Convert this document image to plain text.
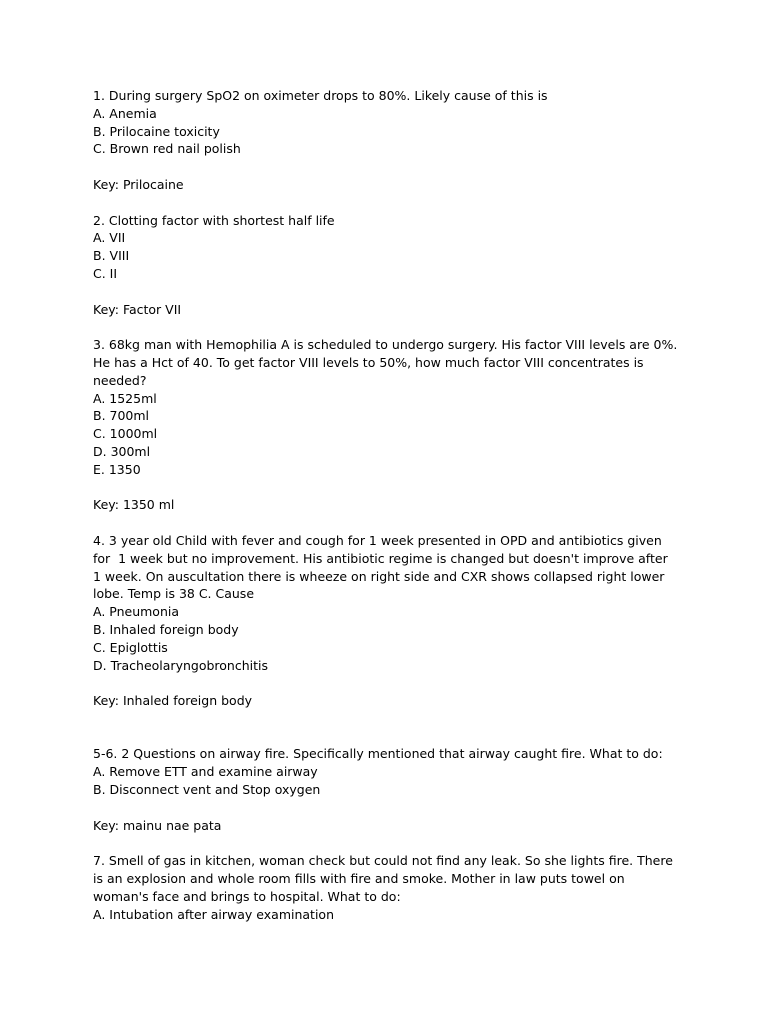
1. During surgery SpO2 on oximeter drops to 80%. Likely cause of this is
A. Anemia
B. Prilocaine toxicity
C. Brown red nail polish
Key: Prilocaine
2. Clotting factor with shortest half life
A. VII
B. VIII
C. II
Key: Factor VII
3. 68kg man with Hemophilia A is scheduled to undergo surgery. His factor VIII levels are 0%.
He has a Hct of 40. To get factor VIII levels to 50%, how much factor VIII concentrates is
needed?
A. 1525ml
B. 700ml
C. 1000ml
D. 300ml
E. 1350
Key: 1350 ml
4. 3 year old Child with fever and cough for 1 week presented in OPD and antibiotics given
for  1 week but no improvement. His antibiotic regime is changed but doesn't improve after
1 week. On auscultation there is wheeze on right side and CXR shows collapsed right lower
lobe. Temp is 38 C. Cause
A. Pneumonia
B. Inhaled foreign body
C. Epiglottis
D. Tracheolaryngobronchitis
Key: Inhaled foreign body
5-6. 2 Questions on airway fire. Specifically mentioned that airway caught fire. What to do:
A. Remove ETT and examine airway
B. Disconnect vent and Stop oxygen
Key: mainu nae pata
7. Smell of gas in kitchen, woman check but could not find any leak. So she lights fire. There
is an explosion and whole room fills with fire and smoke. Mother in law puts towel on
woman's face and brings to hospital. What to do:
A. Intubation after airway examination
